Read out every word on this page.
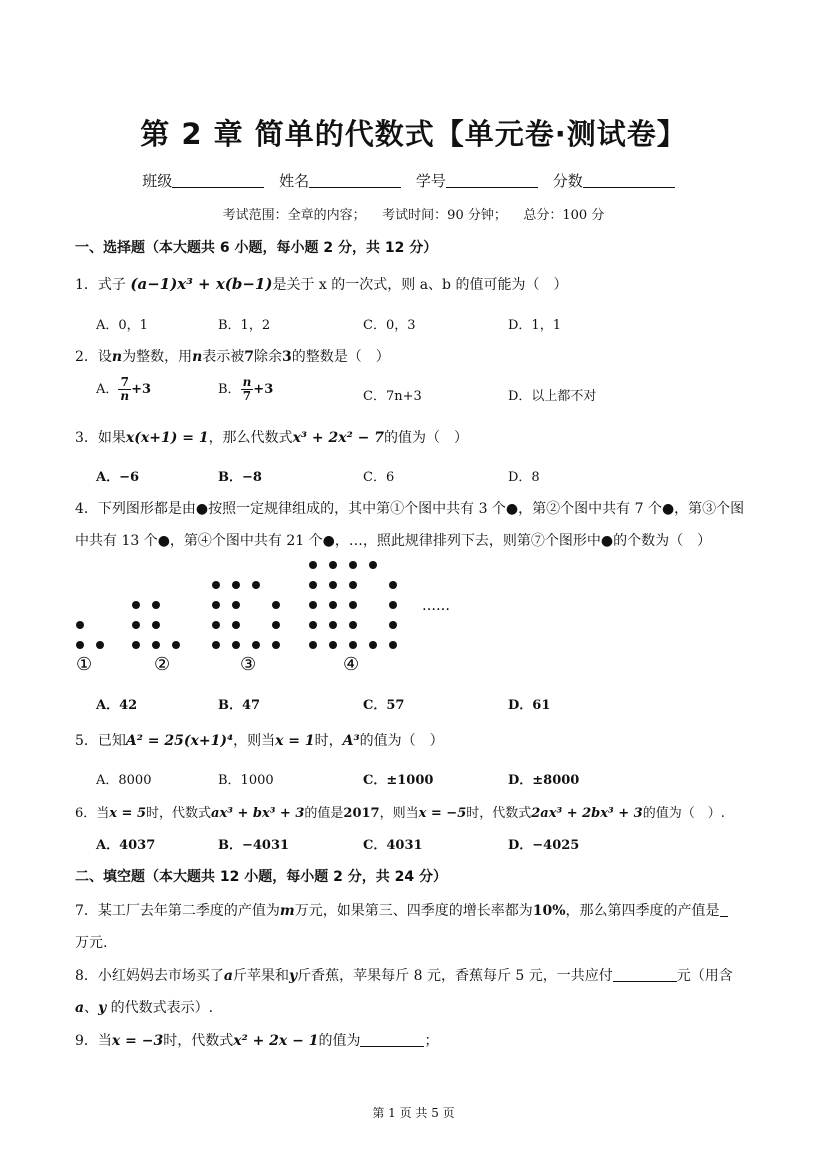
第 2 章 简单的代数式【单元卷·测试卷】
班级	姓名	学号	分数
考试范围：全章的内容；    考试时间：90 分钟；    总分：100 分
一、选择题（本大题共 6 小题，每小题 2 分，共 12 分）
1．式子 (a−1)x³ + x(b−1)是关于 x 的一次式，则 a、b 的值可能为（　）
A．0，1	B．1，2	C．0，3	D．1，1
2．设n为整数，用n表示被7除余3的整数是（　）
A． $\frac{7}{n} +3$	B． $\frac{n}{7} +3$	C．7n+3	D．以上都不对
3．如果x(x+1) = 1，那么代数式x³ + 2x² − 7的值为（　）
A．−6	B．−8	C．6	D．8
4．下列图形都是由●按照一定规律组成的，其中第①个图中共有 3 个●，第②个图中共有 7 个●，第③个图
中共有 13 个●，第④个图中共有 21 个●，…，照此规律排列下去，则第⑦个图形中●的个数为（　）
①	②	③	④
……
A．42	B．47	C．57	D．61
5．已知A² = 25(x+1)⁴，则当x = 1时，A³的值为（　）
A．8000	B．1000	C．±1000	D．±8000
6．当x = 5时，代数式ax³ + bx³ + 3的值是2017，则当x = −5时，代数式2ax³ + 2bx³ + 3的值为（　）.
A．4037	B．−4031	C．4031	D．−4025
二、填空题（本大题共 12 小题，每小题 2 分，共 24 分）
7．某工厂去年第二季度的产值为m万元，如果第三、四季度的增长率都为10%，那么第四季度的产值是
万元.
8．小红妈妈去市场买了a斤苹果和y斤香蕉，苹果每斤 8 元，香蕉每斤 5 元，一共应付	元（用含
a、y 的代数式表示）.
9．当x = −3时，代数式x² + 2x − 1的值为	；
第 1 页 共 5 页
